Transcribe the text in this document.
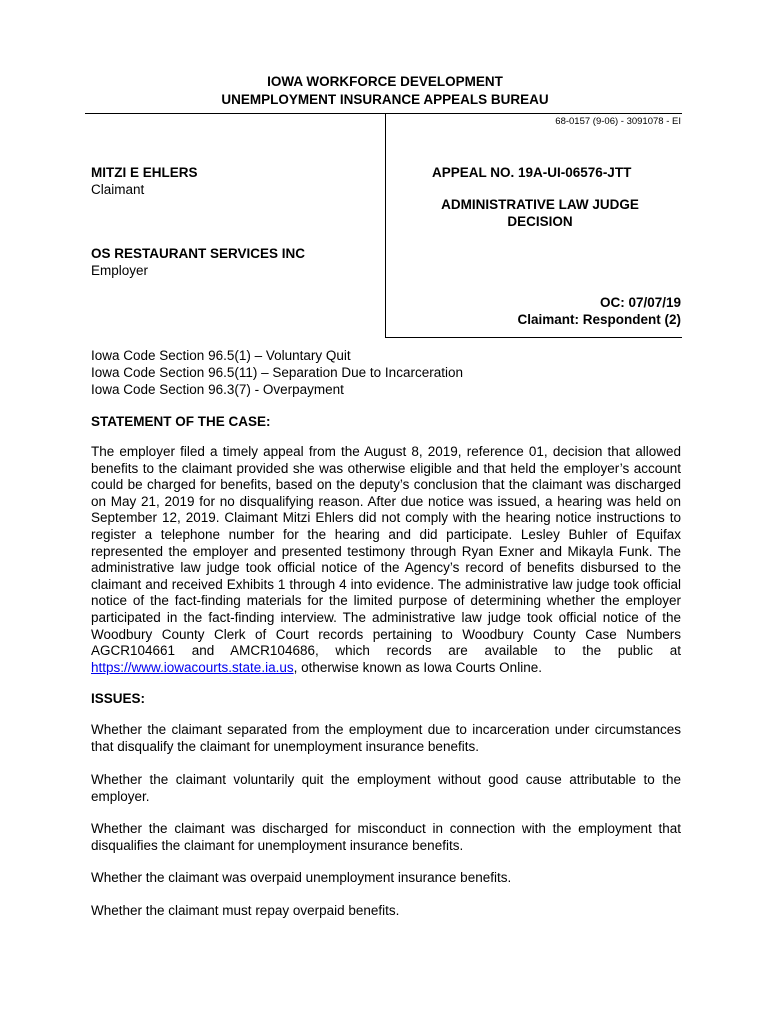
IOWA WORKFORCE DEVELOPMENT
UNEMPLOYMENT INSURANCE APPEALS BUREAU
68-0157 (9-06) - 3091078 - EI
MITZI E EHLERS
Claimant
OS RESTAURANT SERVICES INC
Employer
APPEAL NO. 19A-UI-06576-JTT
ADMINISTRATIVE LAW JUDGE
DECISION
OC: 07/07/19
Claimant: Respondent (2)
Iowa Code Section 96.5(1) – Voluntary Quit
Iowa Code Section 96.5(11) – Separation Due to Incarceration
Iowa Code Section 96.3(7) - Overpayment
STATEMENT OF THE CASE:
The employer filed a timely appeal from the August 8, 2019, reference 01, decision that allowed benefits to the claimant provided she was otherwise eligible and that held the employer’s account could be charged for benefits, based on the deputy’s conclusion that the claimant was discharged on May 21, 2019 for no disqualifying reason. After due notice was issued, a hearing was held on September 12, 2019. Claimant Mitzi Ehlers did not comply with the hearing notice instructions to register a telephone number for the hearing and did participate. Lesley Buhler of Equifax represented the employer and presented testimony through Ryan Exner and Mikayla Funk. The administrative law judge took official notice of the Agency’s record of benefits disbursed to the claimant and received Exhibits 1 through 4 into evidence. The administrative law judge took official notice of the fact-finding materials for the limited purpose of determining whether the employer participated in the fact-finding interview. The administrative law judge took official notice of the Woodbury County Clerk of Court records pertaining to Woodbury County Case Numbers AGCR104661 and AMCR104686, which records are available to the public at https://www.iowacourts.state.ia.us, otherwise known as Iowa Courts Online.
ISSUES:
Whether the claimant separated from the employment due to incarceration under circumstances that disqualify the claimant for unemployment insurance benefits.
Whether the claimant voluntarily quit the employment without good cause attributable to the employer.
Whether the claimant was discharged for misconduct in connection with the employment that disqualifies the claimant for unemployment insurance benefits.
Whether the claimant was overpaid unemployment insurance benefits.
Whether the claimant must repay overpaid benefits.
